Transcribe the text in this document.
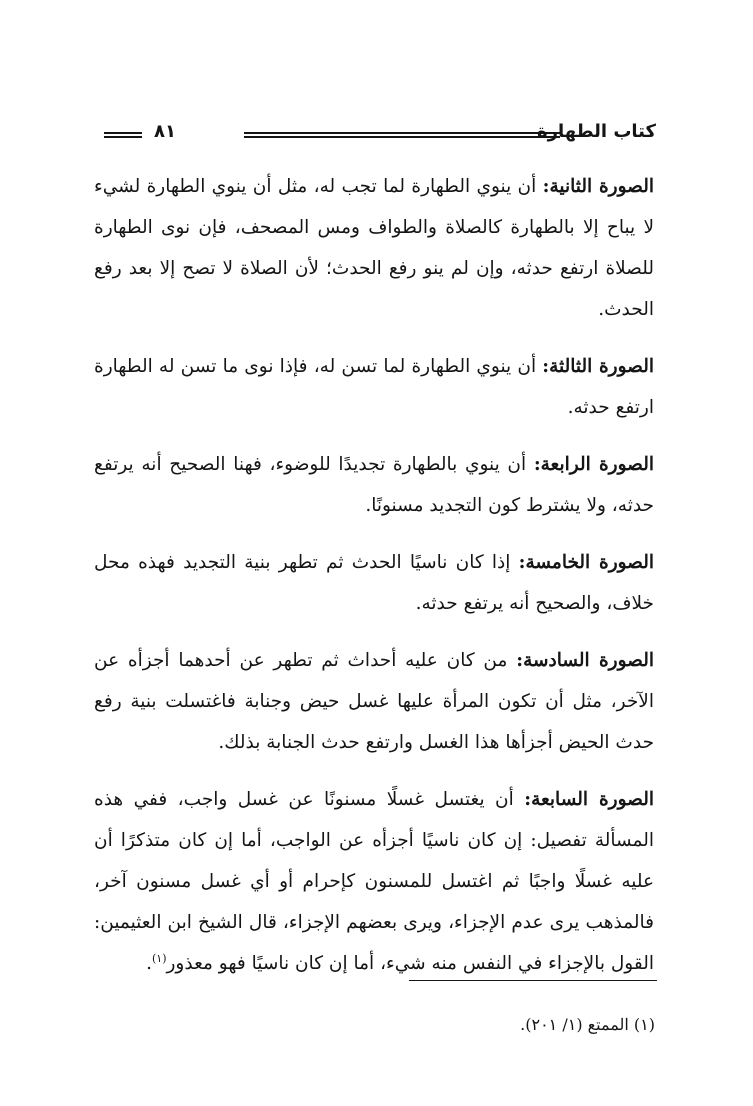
كتاب الطهارة
٨١

الصورة الثانية: أن ينوي الطهارة لما تجب له، مثل أن ينوي الطهارة لشيء لا يباح إلا بالطهارة كالصلاة والطواف ومس المصحف، فإن نوى الطهارة للصلاة ارتفع حدثه، وإن لم ينو رفع الحدث؛ لأن الصلاة لا تصح إلا بعد رفع الحدث.

الصورة الثالثة: أن ينوي الطهارة لما تسن له، فإذا نوى ما تسن له الطهارة ارتفع حدثه.

الصورة الرابعة: أن ينوي بالطهارة تجديدًا للوضوء، فهنا الصحيح أنه يرتفع حدثه، ولا يشترط كون التجديد مسنونًا.

الصورة الخامسة: إذا كان ناسيًا الحدث ثم تطهر بنية التجديد فهذه محل خلاف، والصحيح أنه يرتفع حدثه.

الصورة السادسة: من كان عليه أحداث ثم تطهر عن أحدهما أجزأه عن الآخر، مثل أن تكون المرأة عليها غسل حيض وجنابة فاغتسلت بنية رفع حدث الحيض أجزأها هذا الغسل وارتفع حدث الجنابة بذلك.

الصورة السابعة: أن يغتسل غسلًا مسنونًا عن غسل واجب، ففي هذه المسألة تفصيل: إن كان ناسيًا أجزأه عن الواجب، أما إن كان متذكرًا أن عليه غسلًا واجبًا ثم اغتسل للمسنون كإحرام أو أي غسل مسنون آخر، فالمذهب يرى عدم الإجزاء، ويرى بعضهم الإجزاء، قال الشيخ ابن العثيمين: القول بالإجزاء في النفس منه شيء، أما إن كان ناسيًا فهو معذور$^{(١)}$.

(١) الممتع (١/ ٢٠١).
